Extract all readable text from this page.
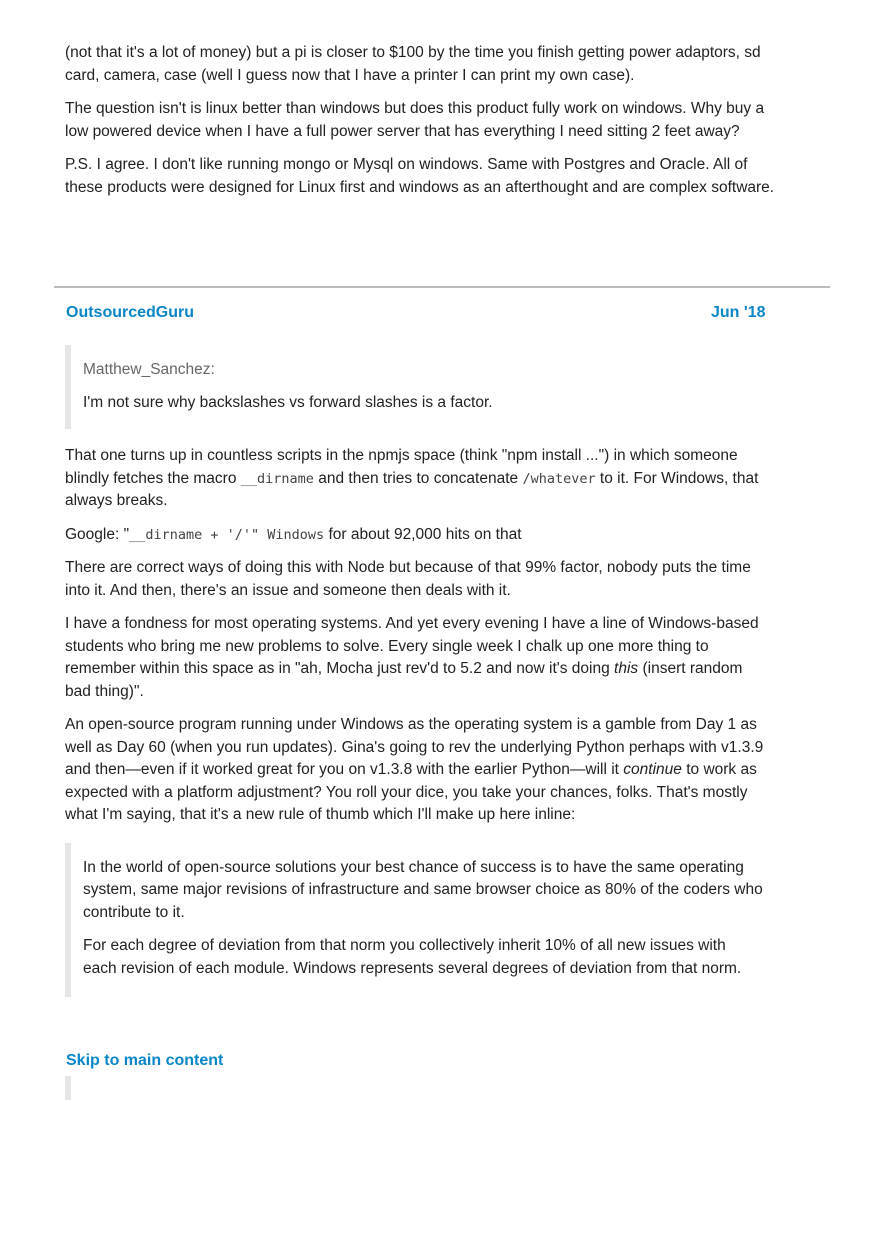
(not that it's a lot of money) but a pi is closer to $100 by the time you finish getting power adaptors, sd card, camera, case (well I guess now that I have a printer I can print my own case).

The question isn't is linux better than windows but does this product fully work on windows. Why buy a low powered device when I have a full power server that has everything I need sitting 2 feet away?

P.S. I agree. I don't like running mongo or Mysql on windows. Same with Postgres and Oracle. All of these products were designed for Linux first and windows as an afterthought and are complex software.

OutsourcedGuru	Jun '18

Matthew_Sanchez:

I'm not sure why backslashes vs forward slashes is a factor.

That one turns up in countless scripts in the npmjs space (think "npm install ...") in which someone blindly fetches the macro __dirname and then tries to concatenate /whatever to it. For Windows, that always breaks.

Google: "__dirname + '/'" Windows for about 92,000 hits on that

There are correct ways of doing this with Node but because of that 99% factor, nobody puts the time into it. And then, there's an issue and someone then deals with it.

I have a fondness for most operating systems. And yet every evening I have a line of Windows-based students who bring me new problems to solve. Every single week I chalk up one more thing to remember within this space as in "ah, Mocha just rev'd to 5.2 and now it's doing this (insert random bad thing)".

An open-source program running under Windows as the operating system is a gamble from Day 1 as well as Day 60 (when you run updates). Gina's going to rev the underlying Python perhaps with v1.3.9 and then—even if it worked great for you on v1.3.8 with the earlier Python—will it continue to work as expected with a platform adjustment? You roll your dice, you take your chances, folks. That's mostly what I'm saying, that it's a new rule of thumb which I'll make up here inline:

In the world of open-source solutions your best chance of success is to have the same operating system, same major revisions of infrastructure and same browser choice as 80% of the coders who contribute to it.

For each degree of deviation from that norm you collectively inherit 10% of all new issues with each revision of each module. Windows represents several degrees of deviation from that norm.

Skip to main content
